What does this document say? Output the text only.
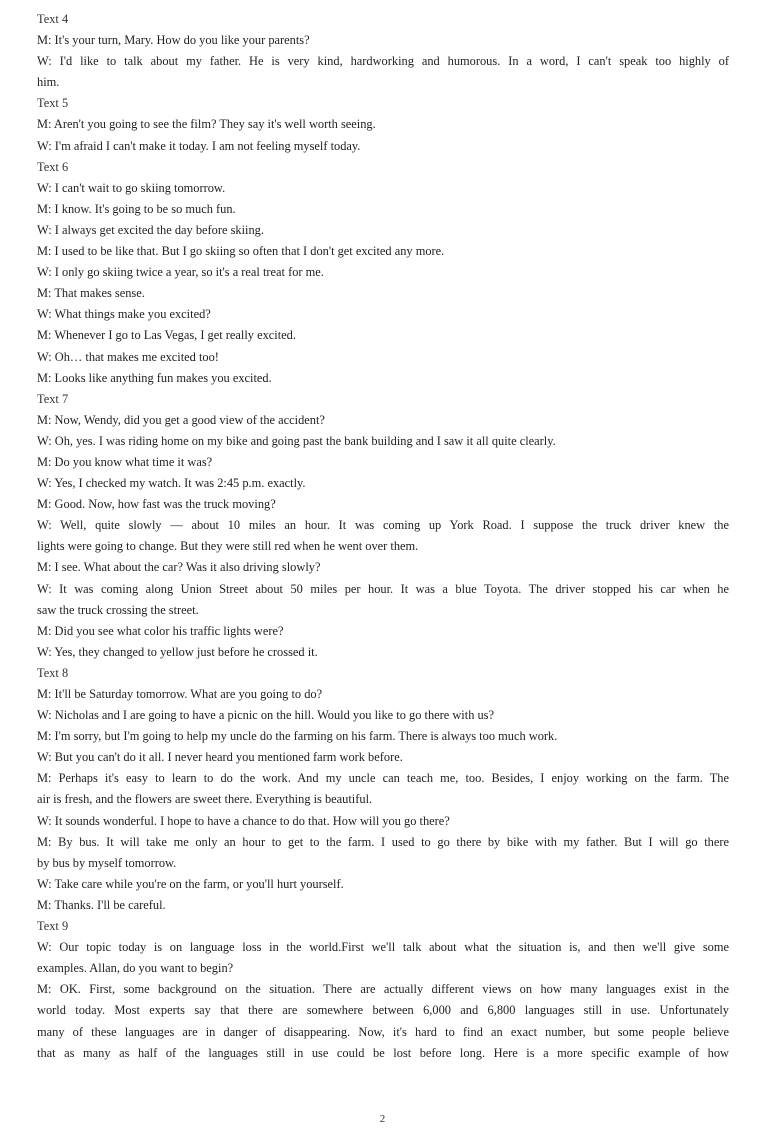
Text 4
M: It's your turn, Mary. How do you like your parents?
W: I'd like to talk about my father. He is very kind, hardworking and humorous. In a word, I can't speak too highly of
him.
Text 5
M: Aren't you going to see the film? They say it's well worth seeing.
W: I'm afraid I can't make it today. I am not feeling myself today.
Text 6
W: I can't wait to go skiing tomorrow.
M: I know. It's going to be so much fun.
W: I always get excited the day before skiing.
M: I used to be like that. But I go skiing so often that I don't get excited any more.
W: I only go skiing twice a year, so it's a real treat for me.
M: That makes sense.
W: What things make you excited?
M: Whenever I go to Las Vegas, I get really excited.
W: Oh… that makes me excited too!
M: Looks like anything fun makes you excited.
Text 7
M: Now, Wendy, did you get a good view of the accident?
W: Oh, yes. I was riding home on my bike and going past the bank building and I saw it all quite clearly.
M: Do you know what time it was?
W: Yes, I checked my watch. It was 2:45 p.m. exactly.
M: Good. Now, how fast was the truck moving?
W: Well, quite slowly — about 10 miles an hour. It was coming up York Road. I suppose the truck driver knew the
lights were going to change. But they were still red when he went over them.
M: I see. What about the car? Was it also driving slowly?
W: It was coming along Union Street about 50 miles per hour. It was a blue Toyota. The driver stopped his car when he
saw the truck crossing the street.
M: Did you see what color his traffic lights were?
W: Yes, they changed to yellow just before he crossed it.
Text 8
M: It'll be Saturday tomorrow. What are you going to do?
W: Nicholas and I are going to have a picnic on the hill. Would you like to go there with us?
M: I'm sorry, but I'm going to help my uncle do the farming on his farm. There is always too much work.
W: But you can't do it all. I never heard you mentioned farm work before.
M: Perhaps it's easy to learn to do the work. And my uncle can teach me, too. Besides, I enjoy working on the farm. The
air is fresh, and the flowers are sweet there. Everything is beautiful.
W: It sounds wonderful. I hope to have a chance to do that. How will you go there?
M: By bus. It will take me only an hour to get to the farm. I used to go there by bike with my father. But I will go there
by bus by myself tomorrow.
W: Take care while you're on the farm, or you'll hurt yourself.
M: Thanks. I'll be careful.
Text 9
W: Our topic today is on language loss in the world.First we'll talk about what the situation is, and then we'll give some
examples. Allan, do you want to begin?
M: OK. First, some background on the situation. There are actually different views on how many languages exist in the
world today. Most experts say that there are somewhere between 6,000 and 6,800 languages still in use. Unfortunately
many of these languages are in danger of disappearing. Now, it's hard to find an exact number, but some people believe
that as many as half of the languages still in use could be lost before long. Here is a more specific example of how
2
